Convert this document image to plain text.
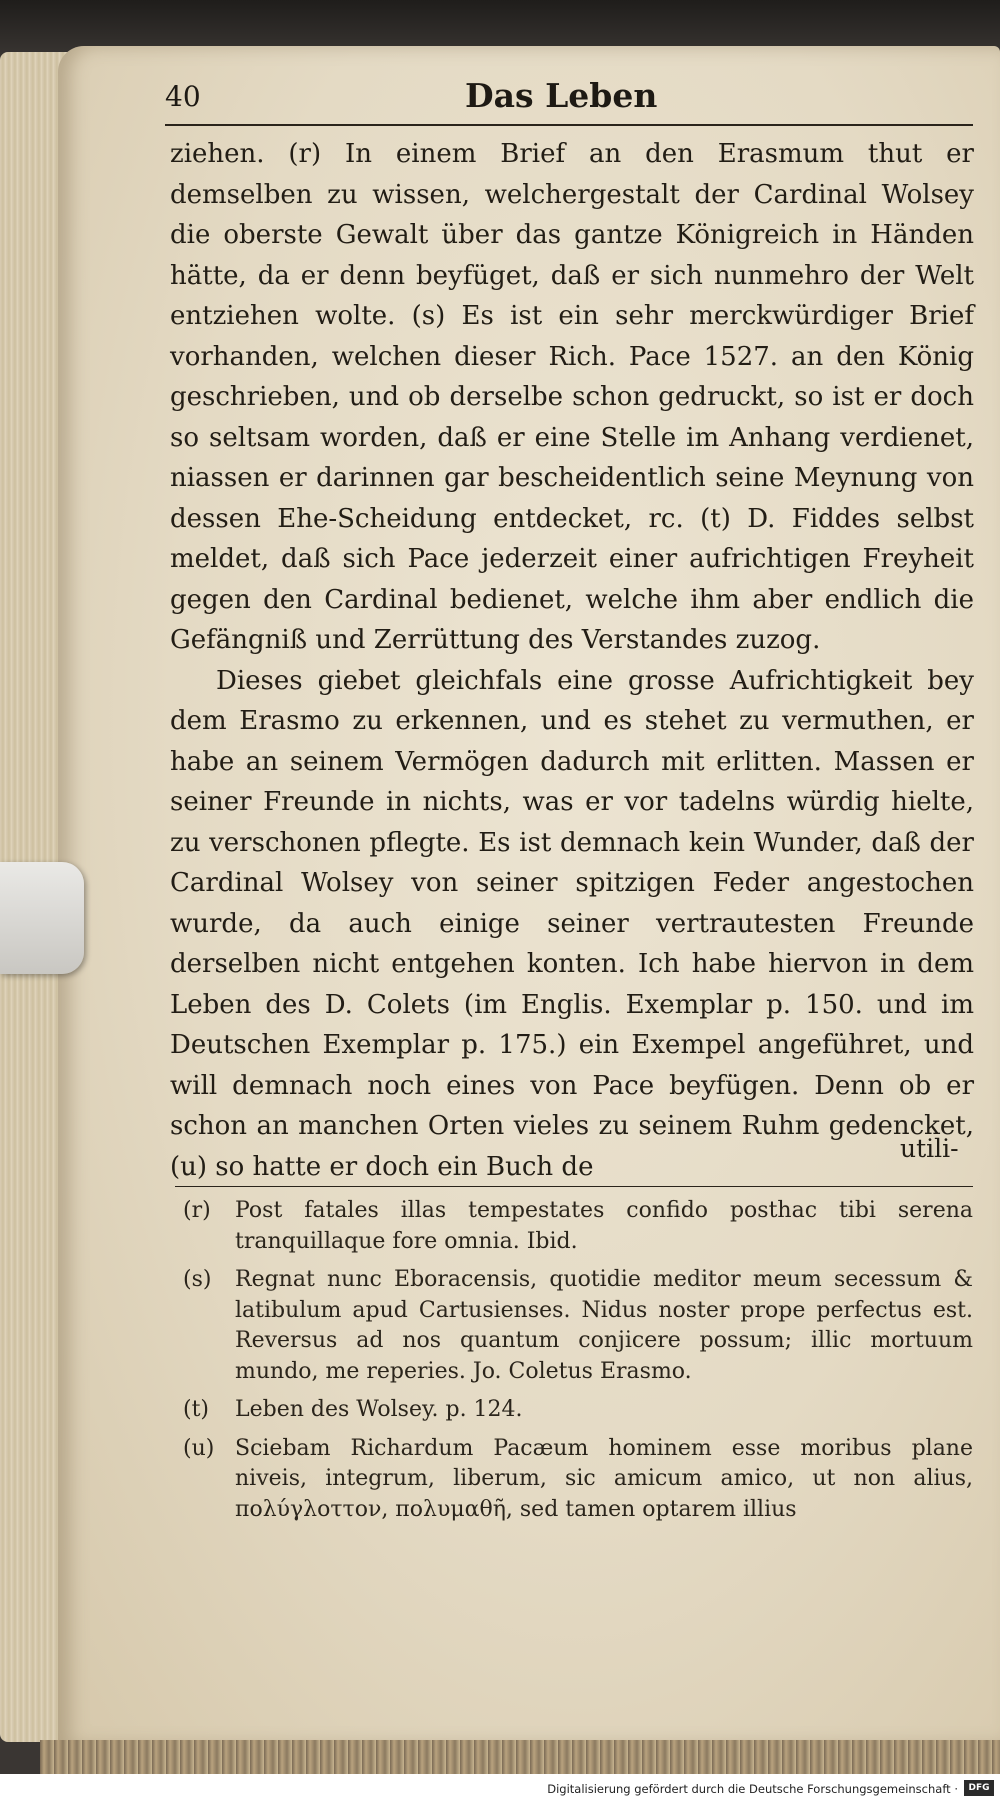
40	Das Leben

ziehen. (r) In einem Brief an den Erasmum thut er demselben zu wissen, welchergestalt der Cardinal Wolsey die oberste Gewalt über das gantze Königreich in Händen hätte, da er denn beyfüget, daß er sich nunmehro der Welt entziehen wolte. (s) Es ist ein sehr merckwürdiger Brief vorhanden, welchen dieser Rich. Pace 1527. an den König geschrieben, und ob derselbe schon gedruckt, so ist er doch so seltsam worden, daß er eine Stelle im Anhang verdienet, niassen er darinnen gar bescheidentlich seine Meynung von dessen Ehe-Scheidung entdecket, rc. (t) D. Fiddes selbst meldet, daß sich Pace jederzeit einer aufrichtigen Freyheit gegen den Cardinal bedienet, welche ihm aber endlich die Gefängniß und Zerrüttung des Verstandes zuzog.

Dieses giebet gleichfals eine grosse Aufrichtigkeit bey dem Erasmo zu erkennen, und es stehet zu vermuthen, er habe an seinem Vermögen dadurch mit erlitten. Massen er seiner Freunde in nichts, was er vor tadelns würdig hielte, zu verschonen pflegte. Es ist demnach kein Wunder, daß der Cardinal Wolsey von seiner spitzigen Feder angestochen wurde, da auch einige seiner vertrautesten Freunde derselben nicht entgehen konten. Ich habe hiervon in dem Leben des D. Colets (im Englis. Exemplar p. 150. und im Deutschen Exemplar p. 175.) ein Exempel angeführet, und will demnach noch eines von Pace beyfügen. Denn ob er schon an manchen Orten vieles zu seinem Ruhm gedencket, (u) so hatte er doch ein Buch de

utili-
(r) Post fatales illas tempestates confido posthac tibi serena tranquillaque fore omnia. Ibid.
(s) Regnat nunc Eboracensis, quotidie meditor meum secessum & latibulum apud Cartusienses. Nidus noster prope perfectus est. Reversus ad nos quantum conjicere possum; illic mortuum mundo, me reperies. Jo. Coletus Erasmo.
(t) Leben des Wolsey. p. 124.
(u) Sciebam Richardum Pacæum hominem esse moribus plane niveis, integrum, liberum, sic amicum amico, ut non alius, πολύγλοττον, πολυμαθῆ, sed tamen optarem illius
Digitalisierung gefördert durch die Deutsche Forschungsgemeinschaft ·	DFG
